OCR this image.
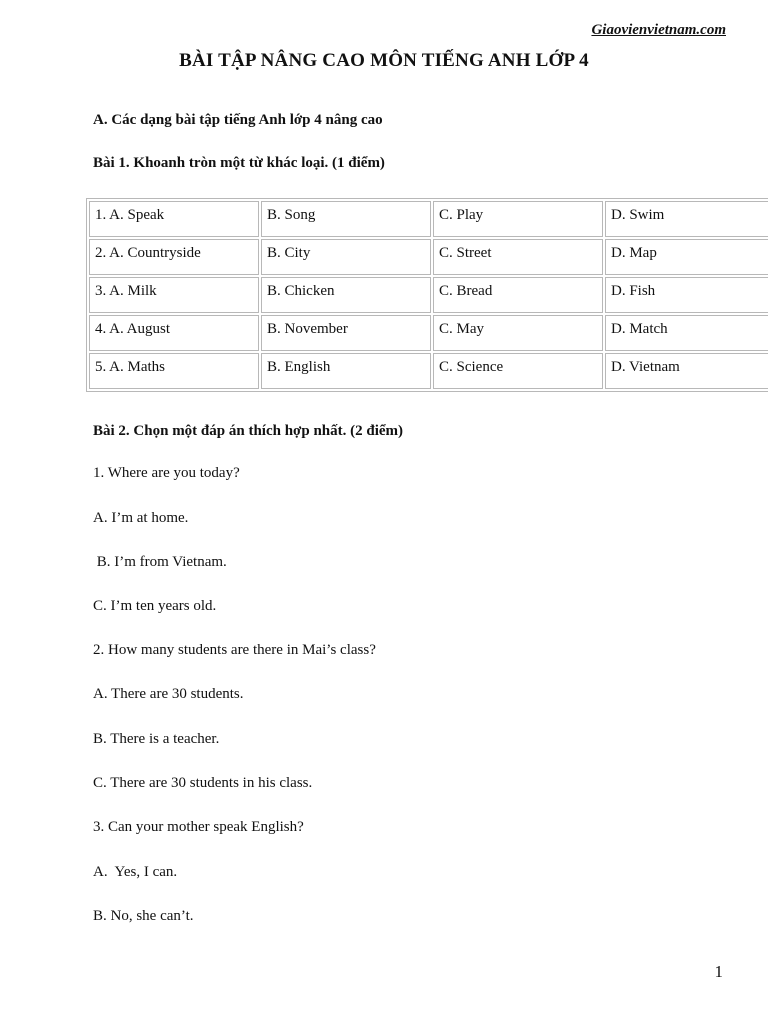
Giaovienvietnam.com
BÀI TẬP NÂNG CAO MÔN TIẾNG ANH LỚP 4
A. Các dạng bài tập tiếng Anh lớp 4 nâng cao
Bài 1. Khoanh tròn một từ khác loại. (1 điểm)
1. A. Speak	B. Song	C. Play	D. Swim
2. A. Countryside	B. City	C. Street	D. Map
3. A. Milk	B. Chicken	C. Bread	D. Fish
4. A. August	B. November	C. May	D. Match
5. A. Maths	B. English	C. Science	D. Vietnam
Bài 2. Chọn một đáp án thích hợp nhất. (2 điểm)
1. Where are you today?
A. I’m at home.
B. I’m from Vietnam.
C. I’m ten years old.
2. How many students are there in Mai’s class?
A. There are 30 students.
B. There is a teacher.
C. There are 30 students in his class.
3. Can your mother speak English?
A.  Yes, I can.
B. No, she can’t.
1
